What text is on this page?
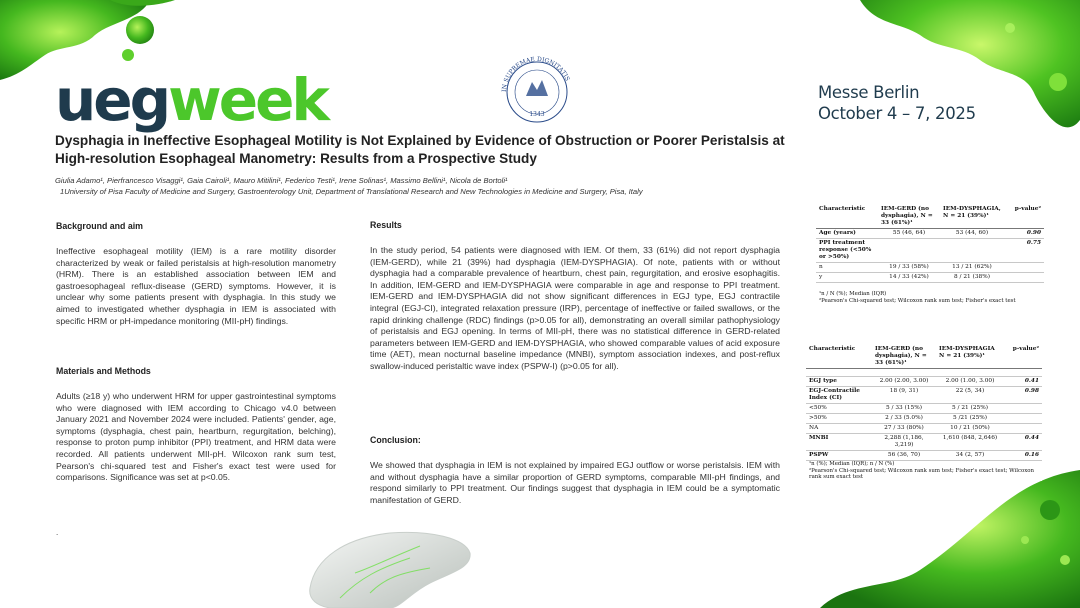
uegweek	IN SUPREMAE DIGNITATIS
1343
Messe Berlin
October 4 – 7, 2025
Dysphagia in Ineffective Esophageal Motility is Not Explained by Evidence of Obstruction or Poorer Peristalsis at High-resolution Esophageal Manometry: Results from a Prospective Study
Giulia Adamo¹, Pierfrancesco Visaggi¹, Gaia Cairoli¹, Mauro Mitilini¹, Federico Testi¹, Irene Solinas¹, Massimo Bellini¹, Nicola de Bortoli¹
1University of Pisa Faculty of Medicine and Surgery, Gastroenterology Unit, Department of Translational Research and New Technologies in Medicine and Surgery, Pisa, Italy
Background and aim

Ineffective esophageal motility (IEM) is a rare motility disorder characterized by weak or failed peristalsis at high-resolution manometry (HRM). There is an established association between IEM and gastroesophageal reflux-disease (GERD) symptoms. However, it is unclear why some patients present with dysphagia. In this study we aimed to investigated whether dysphagia in IEM is associated with specific HRM or pH-impedance monitoring (MII-pH) findings.

Materials and Methods

Adults (≥18 y) who underwent HRM for upper gastrointestinal symptoms who were diagnosed with IEM according to Chicago v4.0 between January 2021 and November 2024 were included. Patients' gender, age, symptoms (dysphagia, chest pain, heartburn, regurgitation, belching), response to proton pump inhibitor (PPI) treatment, and HRM data were recorded. All patients underwent MII-pH. Wilcoxon rank sum test, Pearson's chi-squared test and Fisher's exact test were used for comparisons. Significance was set at p<0.05.

.
Results

In the study period, 54 patients were diagnosed with IEM. Of them, 33 (61%) did not report dysphagia (IEM-GERD), while 21 (39%) had dysphagia (IEM-DYSPHAGIA). Of note, patients with or without dysphagia had a comparable prevalence of heartburn, chest pain, regurgitation, and erosive esophagitis. In addition, IEM-GERD and IEM-DYSPHAGIA were comparable in age and response to PPI treatment. IEM-GERD and IEM-DYSPHAGIA did not show significant differences in EGJ type, EGJ contractile integral (EGJ-CI), integrated relaxation pressure (IRP), percentage of ineffective or failed swallows, or the rapid drinking challenge (RDC) findings (p>0.05 for all), demonstrating an overall similar pathophysiology of peristalsis and EGJ opening. In terms of MII-pH, there was no statistical difference in GERD-related parameters between IEM-GERD and IEM-DYSPHAGIA, who showed comparable values of acid exposure time (AET), mean nocturnal baseline impedance (MNBI), symptom association indexes, and post-reflux swallow-induced peristaltic wave index (PSPW-I) (p>0.05 for all).

Conclusion:

We showed that dysphagia in IEM is not explained by impaired EGJ outflow or worse peristalsis. IEM with and without dysphagia have a similar proportion of GERD symptoms, comparable MII-pH findings, and respond similarly to PPI treatment. Our findings suggest that dysphagia in IEM could be a symptomatic manifestation of GERD.

Characteristic	IEM-GERD (no dysphagia), N = 33 (61%)¹	IEM-DYSPHAGIA, N = 21 (39%)¹	p-value²
Age (years)	55 (46, 64)	53 (44, 60)	0.90
PPI treatment response (<50% or >50%)			0.75
n	19 / 33 (58%)	13 / 21 (62%)	
y	14 / 33 (42%)	8 / 21 (38%)	

¹n / N (%); Median (IQR)			
²Pearson's Chi-squared test; Wilcoxon rank sum test; Fisher's exact test			
Characteristic	IEM-GERD (no dysphagia), N = 33 (61%)¹	IEM-DYSPHAGIA N = 21 (39%)¹	p-value²

EGJ type	2.00 (2.00, 3.00)	2.00 (1.00, 3.00)	0.41
EGJ-Contractile Index (CI)	18 (9, 31)	22 (5, 34)	0.98
<50%	5 / 33 (15%)	5 / 21 (25%)	
>50%	2 / 33 (5.0%)	5 /21 (25%)	
NA	27 / 33 (80%)	10 / 21 (50%)	
MNBI	2,288 (1,186, 3,219)	1,610 (848, 2,646)	0.44
PSPW	56 (36, 70)	34 (2, 57)	0.16
¹n (%); Median (IQR); n / N (%)			
²Pearson's Chi-squared test; Wilcoxon rank sum test; Fisher's exact test; Wilcoxon rank sum exact test			
